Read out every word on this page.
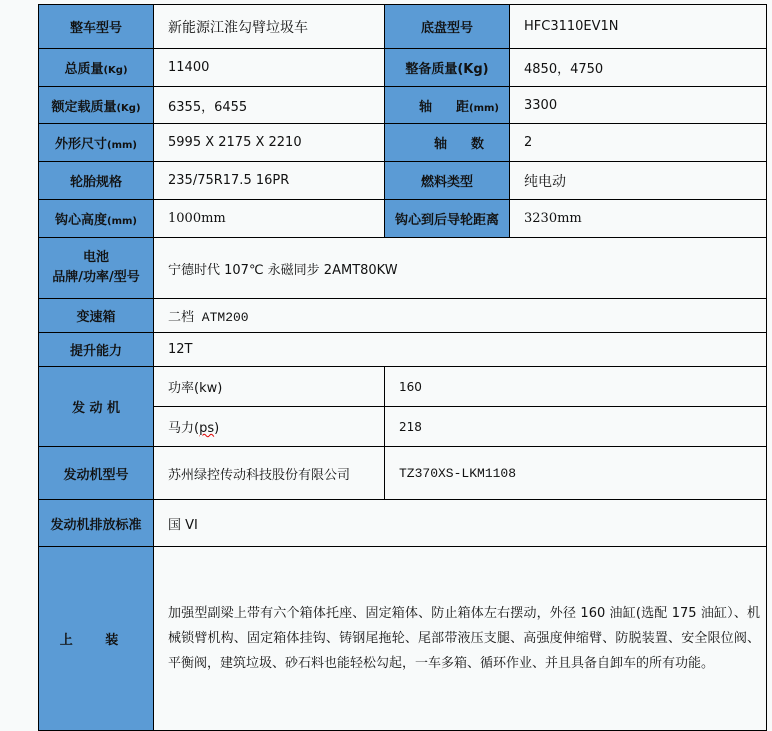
整车型号	新能源江淮勾臂垃圾车	底盘型号	HFC3110EV1N
总质量(Kg)	11400	整备质量(Kg)	4850，4750
额定载质量(Kg)	6355，6455	轴距(mm)	3300
外形尺寸(mm)	5995 X 2175 X 2210	轴数	2
轮胎规格	235/75R17.5 16PR	燃料类型	纯电动
钩心高度(mm)	1000mm	钩心到后导轮距离	3230mm

电池
品牌/功率/型号	宁德时代 107℃ 永磁同步 2AMT80KW		
变速箱	二档 ATM200		
提升能力	12T		
发 动 机	功率(kw)	160	
	马力(ps)	218	
发动机型号	苏州绿控传动科技股份有限公司	TZ370XS-LKM1108	
发动机排放标准	国 VI		
上 装	加强型副梁上带有六个箱体托座、固定箱体、防止箱体左右摆动，外径 160 油缸(选配 175 油缸）、机械锁臂机构、固定箱体挂钩、铸钢尾拖轮、尾部带液压支腿、高强度伸缩臂、防脱装置、安全限位阀、平衡阀，建筑垃圾、砂石料也能轻松勾起，一车多箱、循环作业、并且具备自卸车的所有功能。		
